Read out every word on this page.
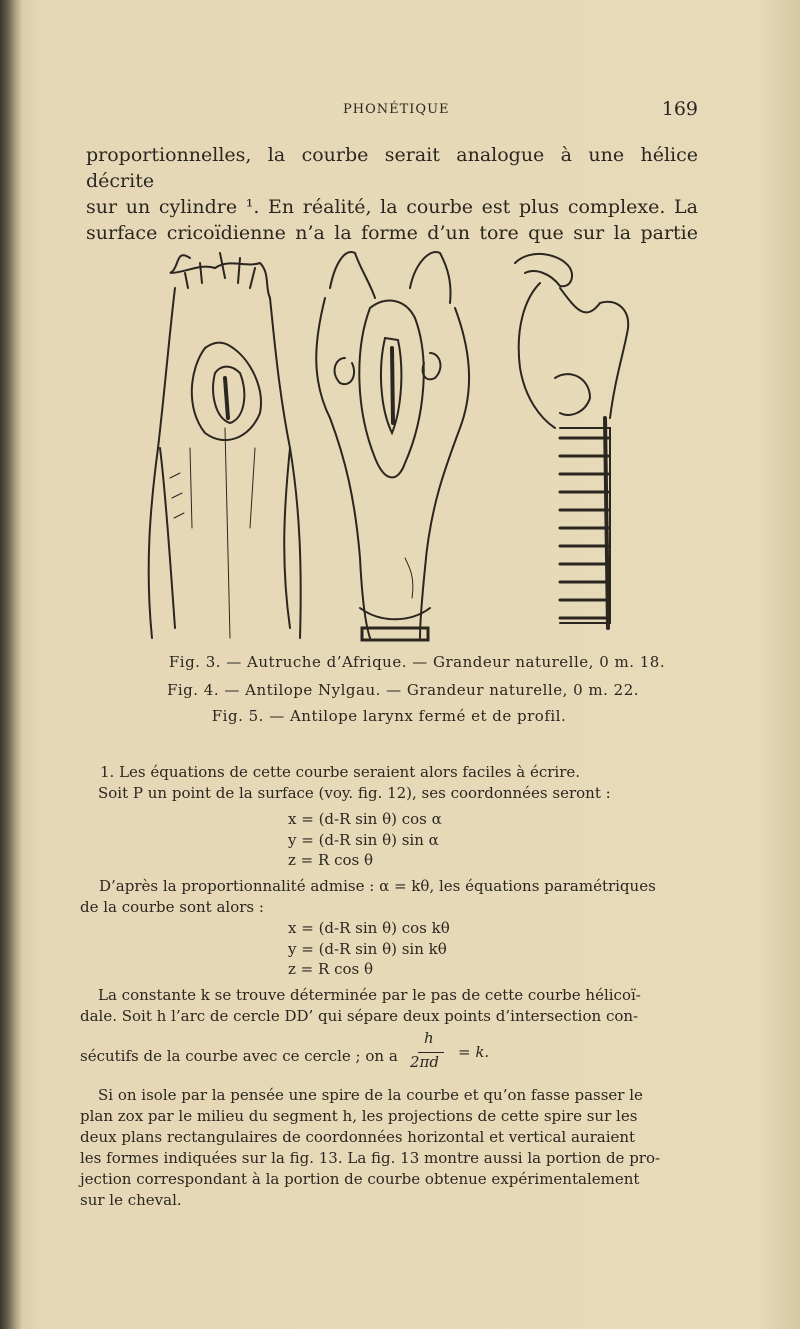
PHONÉTIQUE	169
proportionnelles, la courbe serait analogue à une hélice décrite
sur un cylindre ¹. En réalité, la courbe est plus complexe. La
surface cricoïdienne n’a la forme d’un tore que sur la partie
Fig. 3. — Autruche d’Afrique. — Grandeur naturelle, 0 m. 18.
Fig. 4. — Antilope Nylgau. — Grandeur naturelle, 0 m. 22.
Fig. 5. — Antilope larynx fermé et de profil.
1. Les équations de cette courbe seraient alors faciles à écrire.
Soit P un point de la surface (voy. fig. 12), ses coordonnées seront :
x = (d-R sin θ) cos α
y = (d-R sin θ) sin α
z = R cos θ
D’après la proportionnalité admise : α = kθ, les équations paramétriques
de la courbe sont alors :
x = (d-R sin θ) cos kθ
y = (d-R sin θ) sin kθ
z = R cos θ
La constante k se trouve déterminée par le pas de cette courbe hélicoï-
dale. Soit h l’arc de cercle DD’ qui sépare deux points d’intersection con-
sécutifs de la courbe avec ce cercle ; on a
h
2πd
= k.
Si on isole par la pensée une spire de la courbe et qu’on fasse passer le
plan zox par le milieu du segment h, les projections de cette spire sur les
deux plans rectangulaires de coordonnées horizontal et vertical auraient
les formes indiquées sur la fig. 13. La fig. 13 montre aussi la portion de pro-
jection correspondant à la portion de courbe obtenue expérimentalement
sur le cheval.
